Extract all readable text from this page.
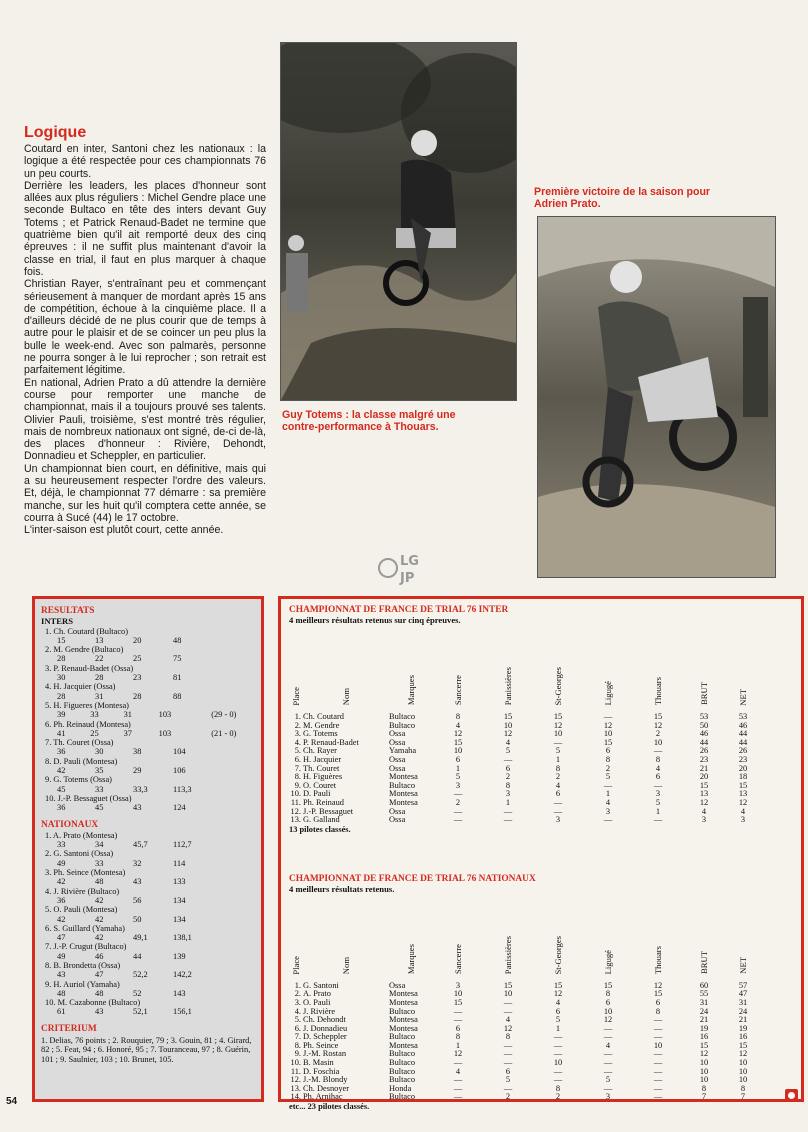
Première victoire de la saison pour Adrien Prato.
Guy Totems : la classe malgré une contre-performance à Thouars.
Logique

Coutard en inter, Santoni chez les nationaux : la logique a été respectée pour ces championnats 76 un peu courts.

Derrière les leaders, les places d'honneur sont allées aux plus réguliers : Michel Gendre place une seconde Bultaco en tête des inters devant Guy Totems ; et Patrick Renaud-Badet ne termine que quatrième bien qu'il ait remporté deux des cinq épreuves : il ne suffit plus maintenant d'avoir la classe en trial, il faut en plus marquer à chaque fois.

Christian Rayer, s'entraînant peu et commençant sérieusement à manquer de mordant après 15 ans de compétition, échoue à la cinquième place. Il a d'ailleurs décidé de ne plus courir que de temps à autre pour le plaisir et de se coincer un peu plus la bulle le week-end. Avec son palmarès, personne ne pourra songer à le lui reprocher ; son retrait est parfaitement légitime.

En national, Adrien Prato a dû attendre la dernière course pour remporter une manche de championnat, mais il a toujours prouvé ses talents. Olivier Pauli, troisième, s'est montré très régulier, mais de nombreux nationaux ont signé, de-ci de-là, des places d'honneur : Rivière, Dehondt, Donnadieu et Scheppler, en particulier.

Un championnat bien court, en définitive, mais qui a su heureusement respecter l'ordre des valeurs. Et, déjà, le championnat 77 démarre : sa première manche, sur les huit qu'il comptera cette année, se courra à Sucé (44) le 17 octobre.

L'inter-saison est plutôt court, cette année.

LG
JP
RESULTATS
INTERS
1. Ch. Coutard (Bultaco)
15	13	20	48
2. M. Gendre (Bultaco)
28	22	25	75
3. P. Renaud-Badet (Ossa)
30	28	23	81
4. H. Jacquier (Ossa)
28	31	28	88
5. H. Figueres (Montesa)
39	33	31	103	(29 - 0)
6. Ph. Reinaud (Montesa)
41	25	37	103	(21 - 0)
7. Th. Couret (Ossa)
36	30	38	104
8. D. Pauli (Montesa)
42	35	29	106
9. G. Totems (Ossa)
45	33	33,3	113,3
10. J.-P. Bessaguet (Ossa)
36	45	43	124
NATIONAUX
1. A. Prato (Montesa)
33	34	45,7	112,7
2. G. Santoni (Ossa)
49	33	32	114
3. Ph. Seince (Montesa)
42	48	43	133
4. J. Rivière (Bultaco)
36	42	56	134
5. O. Pauli (Montesa)
42	42	50	134
6. S. Guillard (Yamaha)
47	42	49,1	138,1
7. J.-P. Crugut (Bultaco)
49	46	44	139
8. B. Brondetta (Ossa)
43	47	52,2	142,2
9. H. Auriol (Yamaha)
48	48	52	143
10. M. Cazabonne (Bultaco)
61	43	52,1	156,1
CRITERIUM
1. Delias, 76 points ; 2. Rouquier, 79 ; 3. Gouin, 81 ; 4. Girard, 82 ; 5. Feat, 94 ; 6. Honoré, 95 ; 7. Touranceau, 97 ; 8. Guérin, 101 ; 9. Saulnier, 103 ; 10. Brunet, 105.
CHAMPIONNAT DE FRANCE DE TRIAL 76 INTER
4 meilleurs résultats retenus sur cinq épreuves.
Place	Nom	Marques	Sancerre	Panissières	St-Georges	Ligugé	Thouars	BRUT	NET

1.	Ch. Coutard	Bultaco	8	15	15	—	15	53	53
2.	M. Gendre	Bultaco	4	10	12	12	12	50	46
3.	G. Totems	Ossa	12	12	10	10	2	46	44
4.	P. Renaud-Badet	Ossa	15	4	—	15	10	44	44
5.	Ch. Rayer	Yamaha	10	5	5	6	—	26	26
6.	H. Jacquier	Ossa	6	—	1	8	8	23	23
7.	Th. Couret	Ossa	1	6	8	2	4	21	20
8.	H. Figuères	Montesa	5	2	2	5	6	20	18
9.	O. Couret	Bultaco	3	8	4	—	—	15	15
10.	D. Pauli	Montesa	—	3	6	1	3	13	13
11.	Ph. Reinaud	Montesa	2	1	—	4	5	12	12
12.	J.-P. Bessaguet	Ossa	—	—	—	3	1	4	4
13.	G. Galland	Ossa	—	—	3	—	—	3	3
13 pilotes classés.
CHAMPIONNAT DE FRANCE DE TRIAL 76 NATIONAUX
4 meilleurs résultats retenus.
Place	Nom	Marques	Sancerre	Panissières	St-Georges	Ligugé	Thouars	BRUT	NET

1.	G. Santoni	Ossa	3	15	15	15	12	60	57
2.	A. Prato	Montesa	10	10	12	8	15	55	47
3.	O. Pauli	Montesa	15	—	4	6	6	31	31
4.	J. Rivière	Bultaco	—	—	6	10	8	24	24
5.	Ch. Dehondt	Montesa	—	4	5	12	—	21	21
6.	J. Donnadieu	Montesa	6	12	1	—	—	19	19
7.	D. Scheppler	Bultaco	8	8	—	—	—	16	16
8.	Ph. Seince	Montesa	1	—	—	4	10	15	15
9.	J.-M. Rostan	Bultaco	12	—	—	—	—	12	12
10.	B. Masin	Bultaco	—	—	10	—	—	10	10
11.	D. Foschia	Bultaco	4	6	—	—	—	10	10
12.	J.-M. Blondy	Bultaco	—	5	—	5	—	10	10
13.	Ch. Desnoyer	Honda	—	—	8	—	—	8	8
14.	Ph. Arnihac	Bultaco	—	2	2	3	—	7	7
etc... 23 pilotes classés.
54
